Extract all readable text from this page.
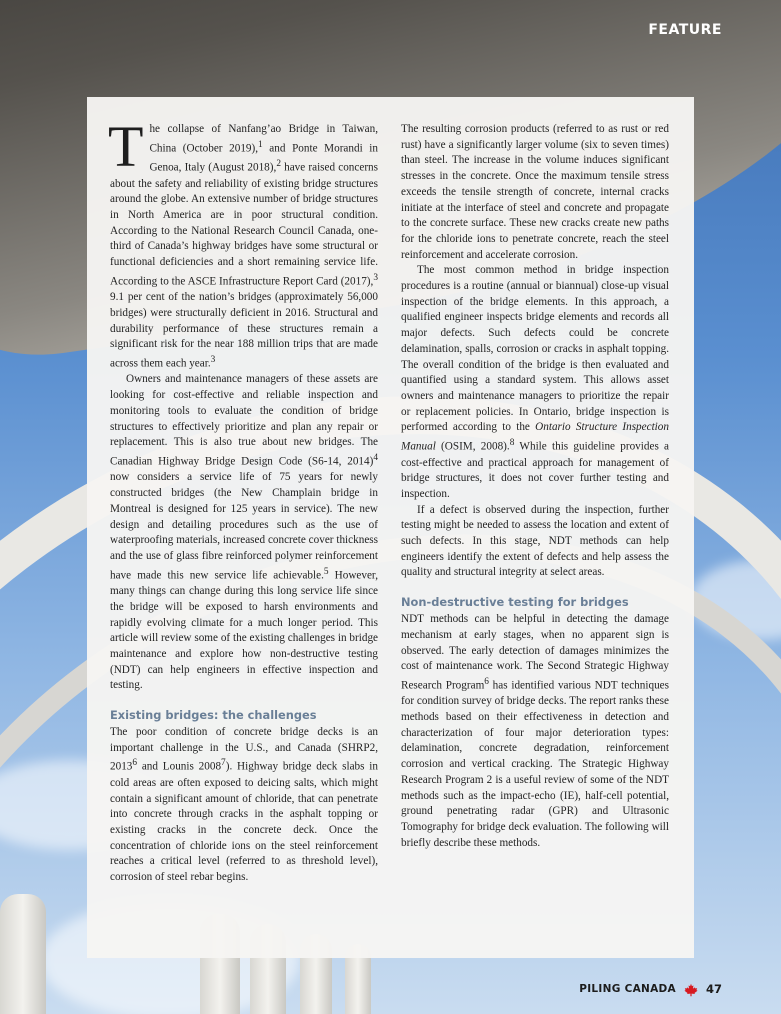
FEATURE

The collapse of Nanfang’ao Bridge in Taiwan, China (October 2019),$^1$ and Ponte Morandi in Genoa, Italy (August 2018),$^2$ have raised concerns about the safety and reliability of existing bridge structures around the globe. An extensive number of bridge structures in North America are in poor structural condition. According to the National Research Council Canada, one-third of Canada’s highway bridges have some structural or functional deficiencies and a short remaining service life. According to the ASCE Infrastructure Report Card (2017),$^3$ 9.1 per cent of the nation’s bridges (approximately 56,000 bridges) were structurally deficient in 2016. Structural and durability performance of these structures remain a significant risk for the near 188 million trips that are made across them each year.$^3$

Owners and maintenance managers of these assets are looking for cost-effective and reliable inspection and monitoring tools to evaluate the condition of bridge structures to effectively prioritize and plan any repair or replacement. This is also true about new bridges. The Canadian Highway Bridge Design Code (S6-14, 2014)$^4$ now considers a service life of 75 years for newly constructed bridges (the New Champlain bridge in Montreal is designed for 125 years in service). The new design and detailing procedures such as the use of waterproofing materials, increased concrete cover thickness and the use of glass fibre reinforced polymer reinforcement have made this new service life achievable.$^5$ However, many things can change during this long service life since the bridge will be exposed to harsh environments and rapidly evolving climate for a much longer period. This article will review some of the existing challenges in bridge maintenance and explore how non-destructive testing (NDT) can help engineers in effective inspection and testing.

Existing bridges: the challenges

The poor condition of concrete bridge decks is an important challenge in the U.S., and Canada (SHRP2, 2013$^6$ and Lounis 2008$^7$). Highway bridge deck slabs in cold areas are often exposed to deicing salts, which might contain a significant amount of chloride, that can penetrate into concrete through cracks in the asphalt topping or existing cracks in the concrete deck. Once the concentration of chloride ions on the steel reinforcement reaches a critical level (referred to as threshold level), corrosion of steel rebar begins.

The resulting corrosion products (referred to as rust or red rust) have a significantly larger volume (six to seven times) than steel. The increase in the volume induces significant stresses in the concrete. Once the maximum tensile stress exceeds the tensile strength of concrete, internal cracks initiate at the interface of steel and concrete and propagate to the concrete surface. These new cracks create new paths for the chloride ions to penetrate concrete, reach the steel reinforcement and accelerate corrosion.

The most common method in bridge inspection procedures is a routine (annual or biannual) close-up visual inspection of the bridge elements. In this approach, a qualified engineer inspects bridge elements and records all major defects. Such defects could be concrete delamination, spalls, corrosion or cracks in asphalt topping. The overall condition of the bridge is then evaluated and quantified using a standard system. This allows asset owners and maintenance managers to prioritize the repair or replacement policies. In Ontario, bridge inspection is performed according to the Ontario Structure Inspection Manual (OSIM, 2008).$^8$ While this guideline provides a cost-effective and practical approach for management of bridge structures, it does not cover further testing and inspection.

If a defect is observed during the inspection, further testing might be needed to assess the location and extent of such defects. In this stage, NDT methods can help engineers identify the extent of defects and help assess the quality and structural integrity at select areas.

Non-destructive testing for bridges

NDT methods can be helpful in detecting the damage mechanism at early stages, when no apparent sign is observed. The early detection of damages minimizes the cost of maintenance work. The Second Strategic Highway Research Program$^6$ has identified various NDT techniques for condition survey of bridge decks. The report ranks these methods based on their effectiveness in detection and characterization of four major deterioration types: delamination, concrete degradation, reinforcement corrosion and vertical cracking. The Strategic Highway Research Program 2 is a useful review of some of the NDT methods such as the impact-echo (IE), half-cell potential, ground penetrating radar (GPR) and Ultrasonic Tomography for bridge deck evaluation. The following will briefly describe these methods.

PILING CANADA	47
